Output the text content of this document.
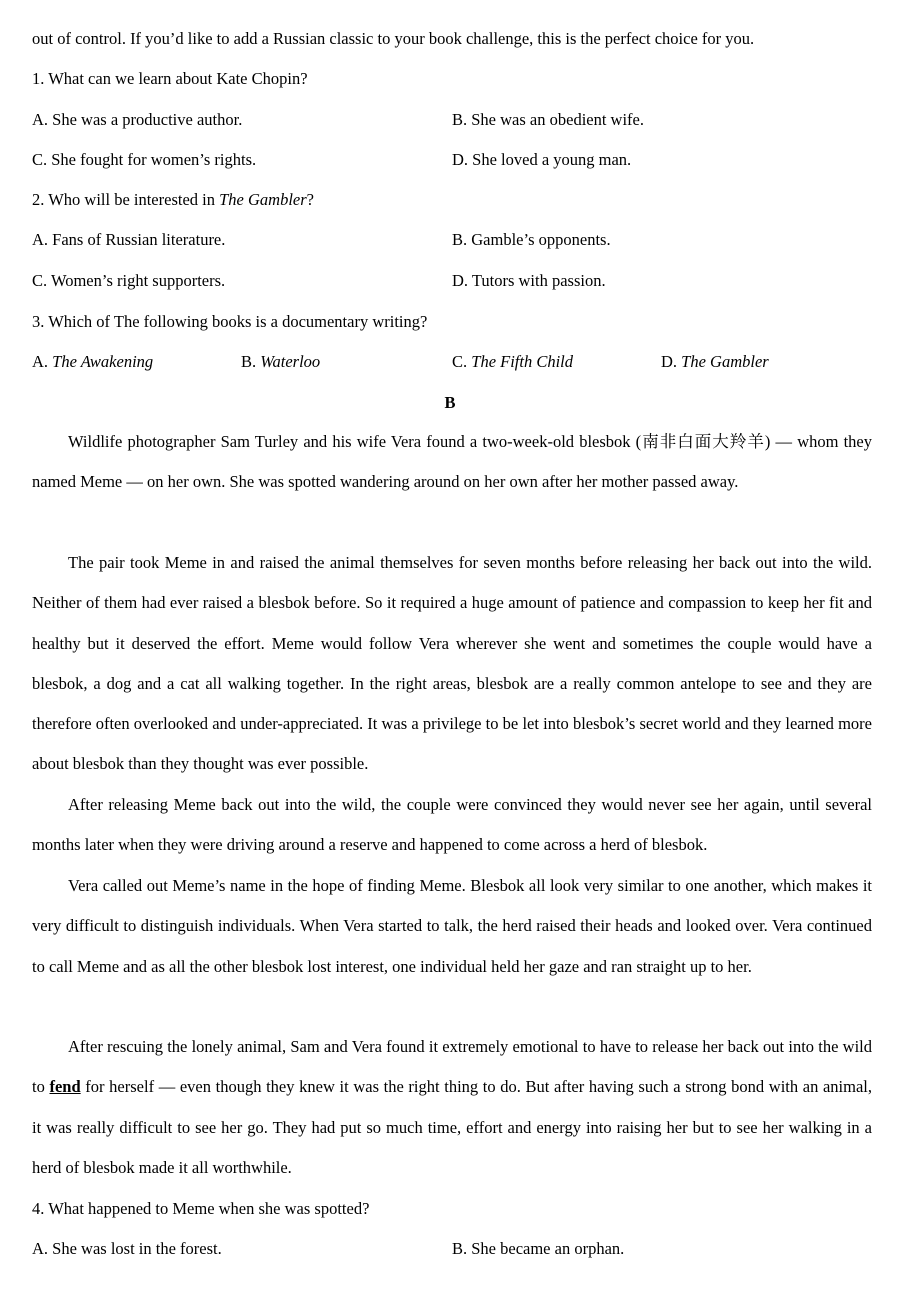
out of control. If you’d like to add a Russian classic to your book challenge, this is the perfect choice for you.
1. What can we learn about Kate Chopin?
A. She was a productive author.	B. She was an obedient wife.
C. She fought for women’s rights.	D. She loved a young man.
2. Who will be interested in The Gambler?
A. Fans of Russian literature.	B. Gamble’s opponents.
C. Women’s right supporters.	D. Tutors with passion.
3. Which of The following books is a documentary writing?
A. The Awakening	B. Waterloo	C. The Fifth Child	D. The Gambler
B
Wildlife photographer Sam Turley and his wife Vera found a two-week-old blesbok (南非白面大羚羊) — whom they named Meme — on her own. She was spotted wandering around on her own after her mother passed away.
The pair took Meme in and raised the animal themselves for seven months before releasing her back out into the wild. Neither of them had ever raised a blesbok before. So it required a huge amount of patience and compassion to keep her fit and healthy but it deserved the effort. Meme would follow Vera wherever she went and sometimes the couple would have a blesbok, a dog and a cat all walking together. In the right areas, blesbok are a really common antelope to see and they are therefore often overlooked and under-appreciated. It was a privilege to be let into blesbok’s secret world and they learned more about blesbok than they thought was ever possible.
After releasing Meme back out into the wild, the couple were convinced they would never see her again, until several months later when they were driving around a reserve and happened to come across a herd of blesbok.
Vera called out Meme’s name in the hope of finding Meme. Blesbok all look very similar to one another, which makes it very difficult to distinguish individuals. When Vera started to talk, the herd raised their heads and looked over. Vera continued to call Meme and as all the other blesbok lost interest, one individual held her gaze and ran straight up to her.
After rescuing the lonely animal, Sam and Vera found it extremely emotional to have to release her back out into the wild to fend for herself — even though they knew it was the right thing to do. But after having such a strong bond with an animal, it was really difficult to see her go. They had put so much time, effort and energy into raising her but to see her walking in a herd of blesbok made it all worthwhile.
4. What happened to Meme when she was spotted?
A. She was lost in the forest.	B. She became an orphan.
